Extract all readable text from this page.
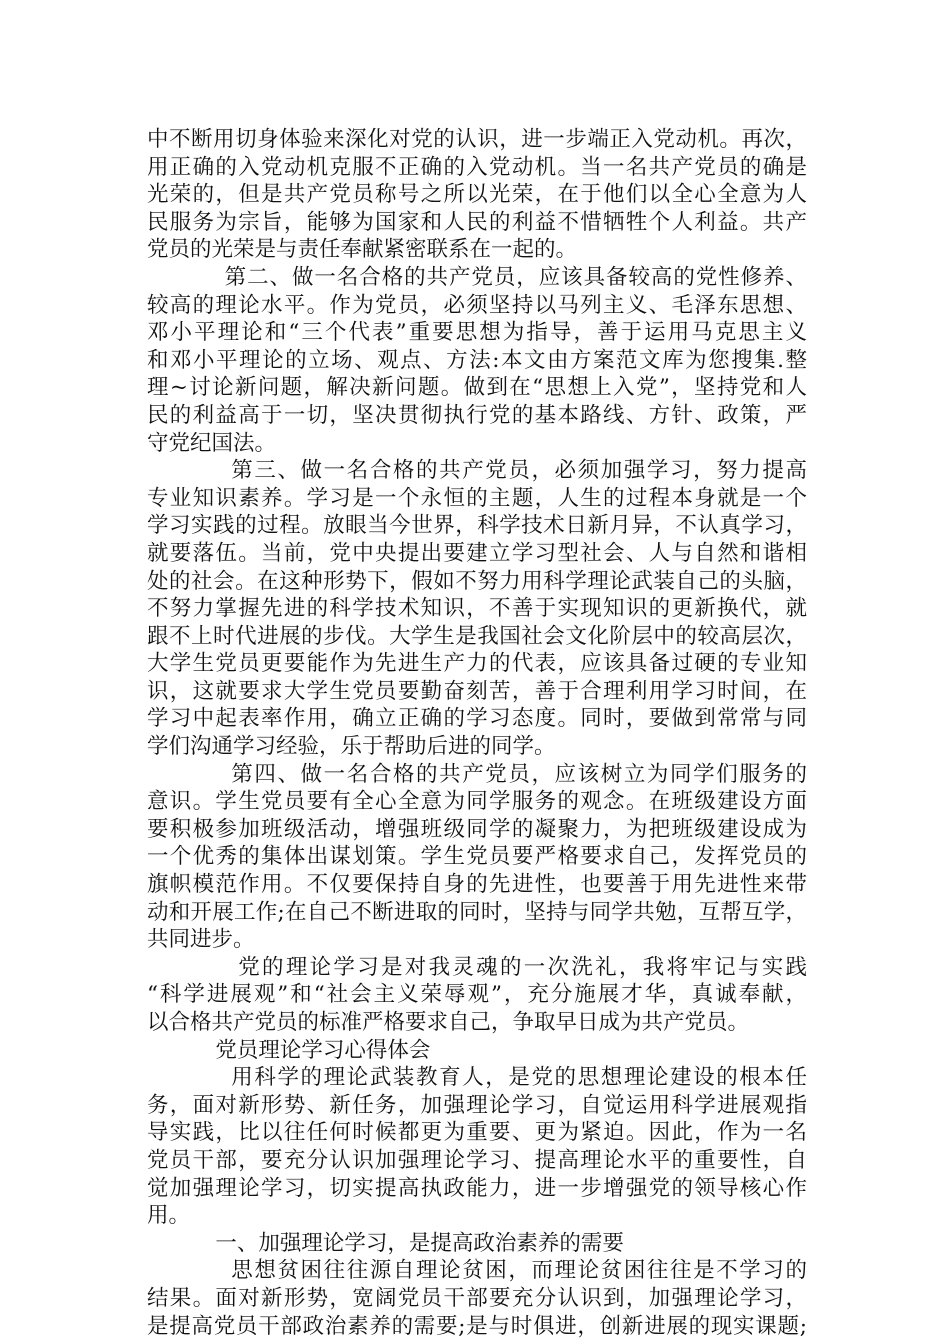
中不断用切身体验来深化对党的认识，进一步端正入党动机。再次，
用正确的入党动机克服不正确的入党动机。当一名共产党员的确是
光荣的，但是共产党员称号之所以光荣，在于他们以全心全意为人
民服务为宗旨，能够为国家和人民的利益不惜牺牲个人利益。共产
党员的光荣是与责任奉献紧密联系在一起的。
第二、做一名合格的共产党员，应该具备较高的党性修养、
较高的理论水平。作为党员，必须坚持以马列主义、毛泽东思想、
邓小平理论和“三个代表”重要思想为指导，善于运用马克思主义
和邓小平理论的立场、观点、方法:本文由方案范文库为您搜集.整
理~讨论新问题，解决新问题。做到在“思想上入党”，坚持党和人
民的利益高于一切，坚决贯彻执行党的基本路线、方针、政策，严
守党纪国法。
第三、做一名合格的共产党员，必须加强学习，努力提高
专业知识素养。学习是一个永恒的主题，人生的过程本身就是一个
学习实践的过程。放眼当今世界，科学技术日新月异，不认真学习，
就要落伍。当前，党中央提出要建立学习型社会、人与自然和谐相
处的社会。在这种形势下，假如不努力用科学理论武装自己的头脑，
不努力掌握先进的科学技术知识，不善于实现知识的更新换代，就
跟不上时代进展的步伐。大学生是我国社会文化阶层中的较高层次，
大学生党员更要能作为先进生产力的代表，应该具备过硬的专业知
识，这就要求大学生党员要勤奋刻苦，善于合理利用学习时间，在
学习中起表率作用，确立正确的学习态度。同时，要做到常常与同
学们沟通学习经验，乐于帮助后进的同学。
第四、做一名合格的共产党员，应该树立为同学们服务的
意识。学生党员要有全心全意为同学服务的观念。在班级建设方面
要积极参加班级活动，增强班级同学的凝聚力，为把班级建设成为
一个优秀的集体出谋划策。学生党员要严格要求自己，发挥党员的
旗帜模范作用。不仅要保持自身的先进性，也要善于用先进性来带
动和开展工作;在自己不断进取的同时，坚持与同学共勉，互帮互学，
共同进步。
党的理论学习是对我灵魂的一次洗礼，我将牢记与实践
“科学进展观”和“社会主义荣辱观”，充分施展才华，真诚奉献，
以合格共产党员的标准严格要求自己，争取早日成为共产党员。
党员理论学习心得体会
用科学的理论武装教育人，是党的思想理论建设的根本任
务，面对新形势、新任务，加强理论学习，自觉运用科学进展观指
导实践，比以往任何时候都更为重要、更为紧迫。因此，作为一名
党员干部，要充分认识加强理论学习、提高理论水平的重要性，自
觉加强理论学习，切实提高执政能力，进一步增强党的领导核心作
用。
一、加强理论学习，是提高政治素养的需要
思想贫困往往源自理论贫困，而理论贫困往往是不学习的
结果。面对新形势，宽阔党员干部要充分认识到，加强理论学习，
是提高党员干部政治素养的需要;是与时俱进，创新进展的现实课题;
